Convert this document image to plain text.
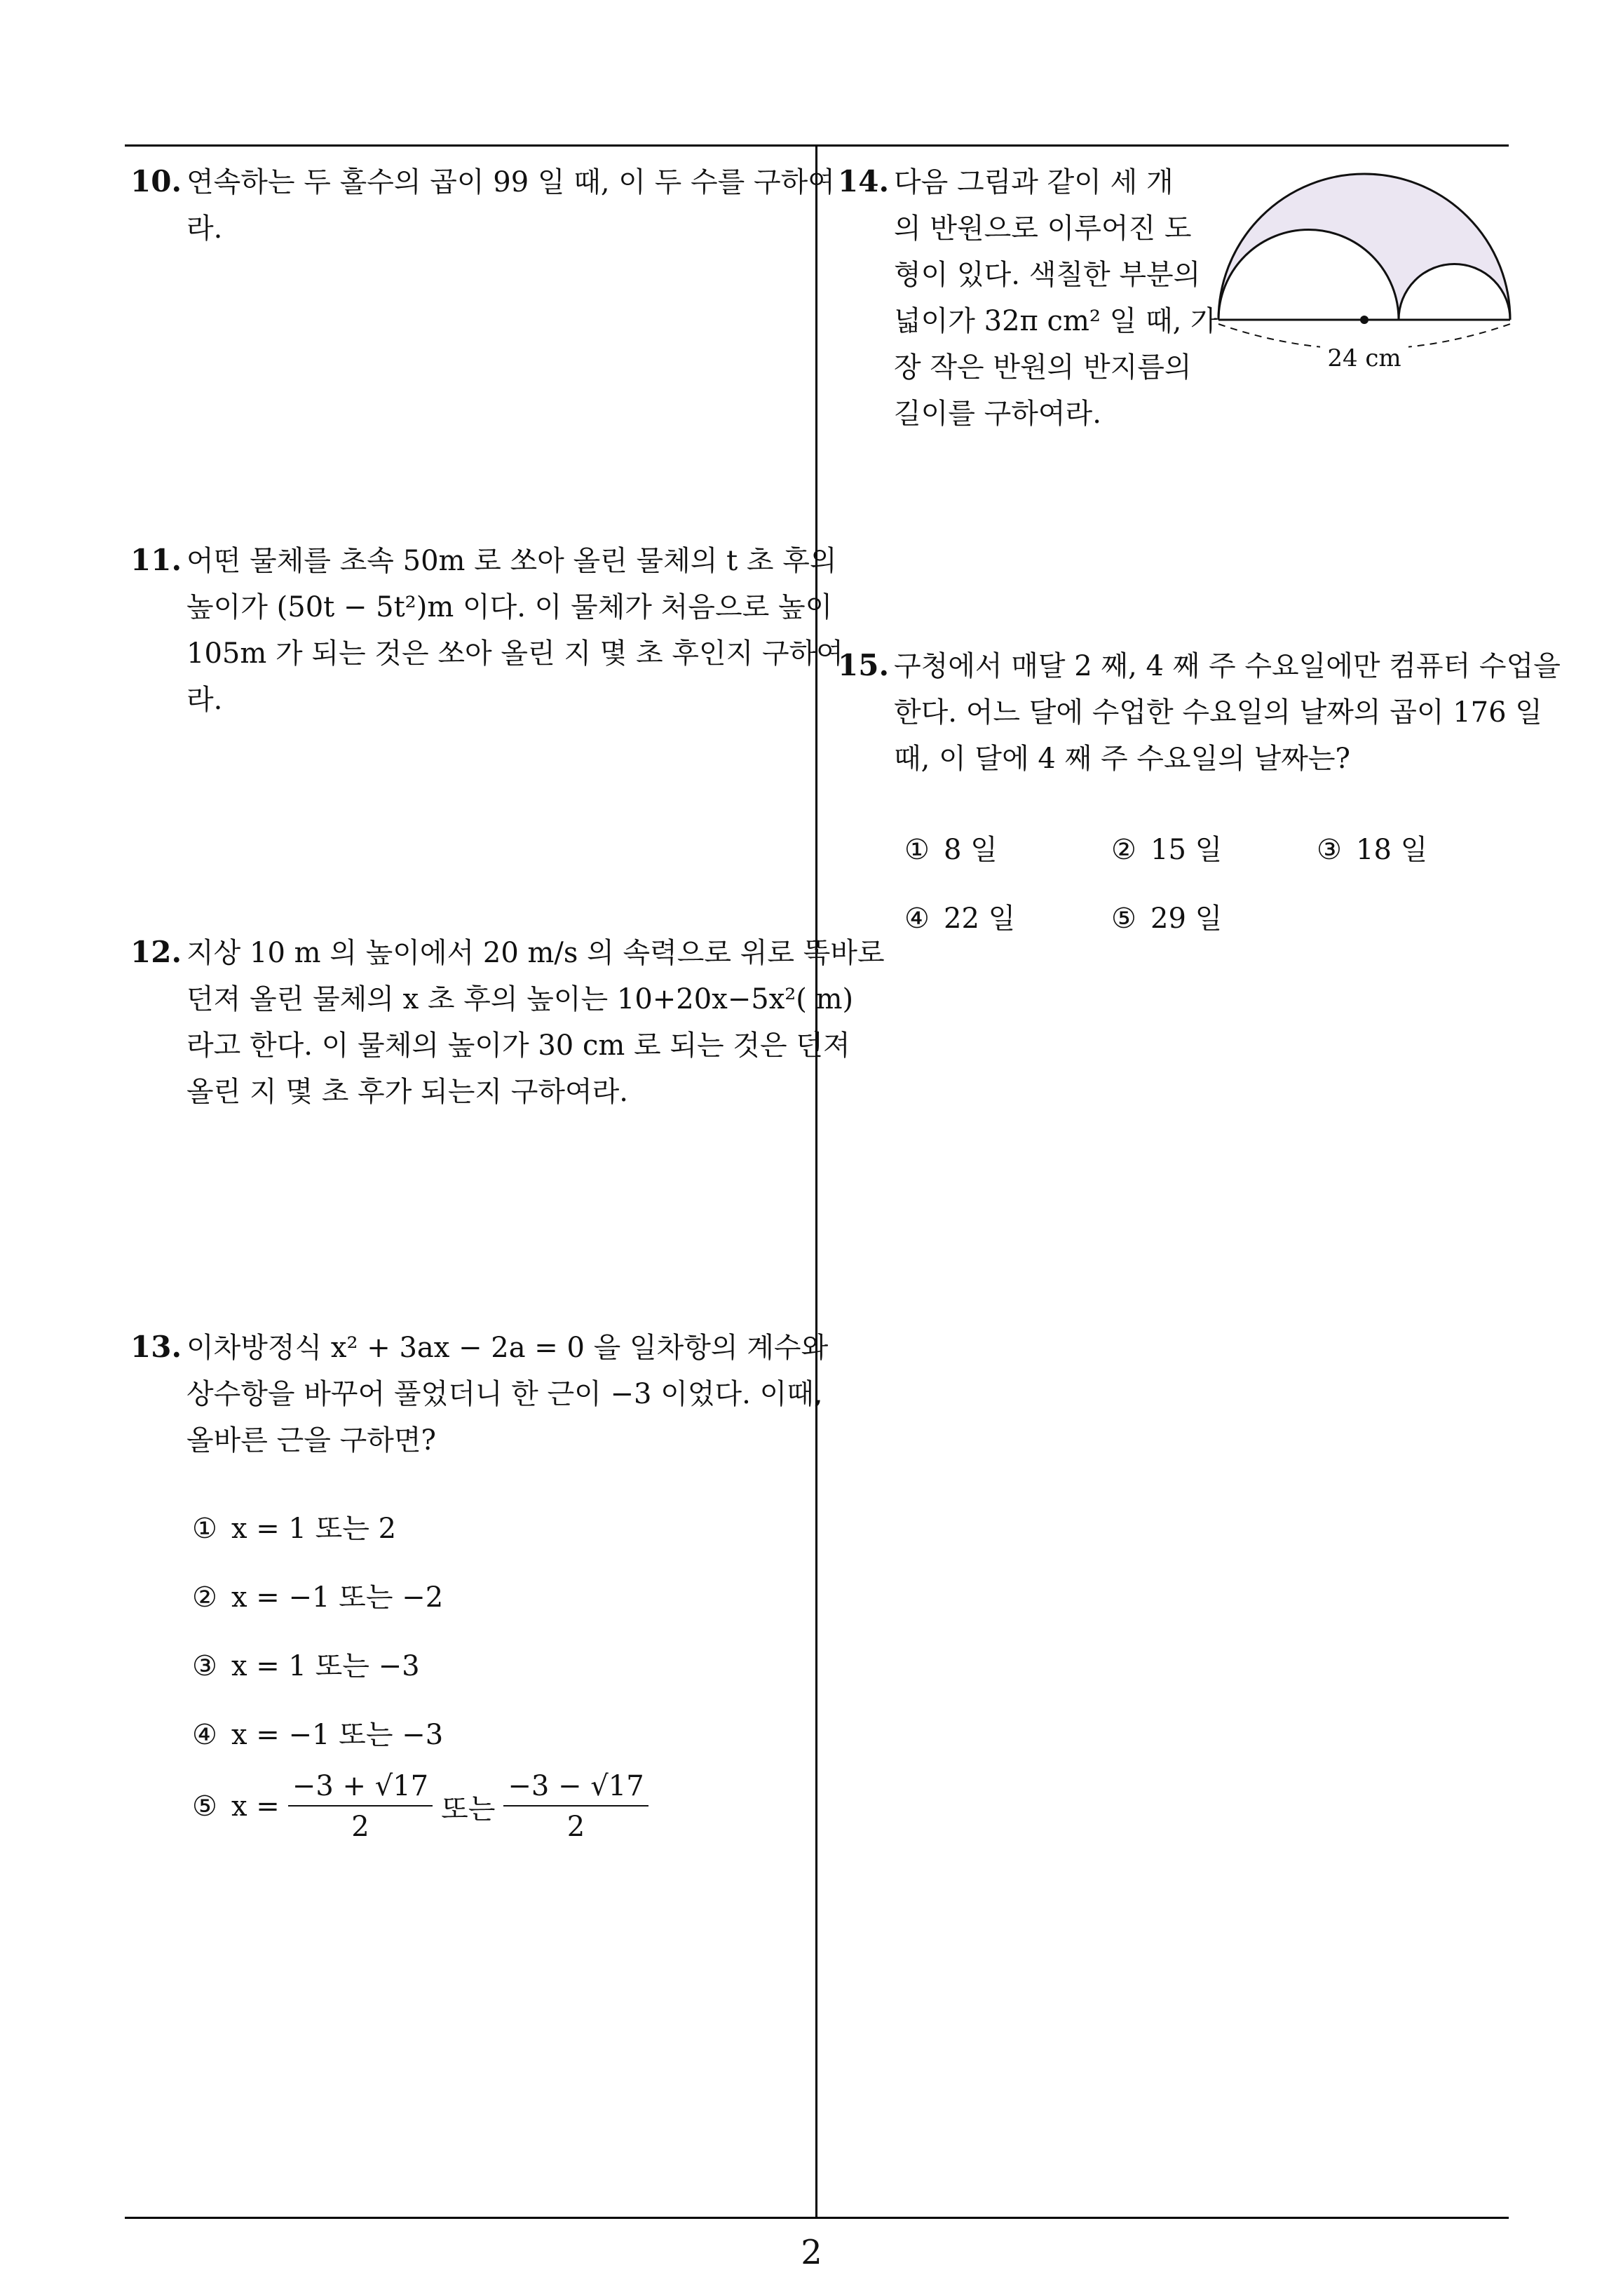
10. 연속하는 두 홀수의 곱이 99 일 때, 이 두 수를 구하여
라.
11. 어떤 물체를 초속 50m 로 쏘아 올린 물체의 t 초 후의
높이가 (50t − 5t²)m 이다. 이 물체가 처음으로 높이
105m 가 되는 것은 쏘아 올린 지 몇 초 후인지 구하여
라.
12. 지상 10 m 의 높이에서 20 m/s 의 속력으로 위로 똑바로
던져 올린 물체의 x 초 후의 높이는 10+20x−5x²( m)
라고 한다. 이 물체의 높이가 30 cm 로 되는 것은 던져
올린 지 몇 초 후가 되는지 구하여라.
13. 이차방정식 x² + 3ax − 2a = 0 을 일차항의 계수와
상수항을 바꾸어 풀었더니 한 근이 −3 이었다. 이때,
올바른 근을 구하면?
① x = 1 또는 2
② x = −1 또는 −2
③ x = 1 또는 −3
④ x = −1 또는 −3
⑤ $x = \frac{-3 + √17}{2}$ 또는 $\frac{-3 - √17}{2}$
14. 다음 그림과 같이 세 개
의 반원으로 이루어진 도
형이 있다. 색칠한 부분의
넓이가 32π cm² 일 때, 가
장 작은 반원의 반지름의
길이를 구하여라.
24 cm
15. 구청에서 매달 2 째, 4 째 주 수요일에만 컴퓨터 수업을
한다. 어느 달에 수업한 수요일의 날짜의 곱이 176 일
때, 이 달에 4 째 주 수요일의 날짜는?
① 8 일	② 15 일	③ 18 일
④ 22 일	⑤ 29 일
2
